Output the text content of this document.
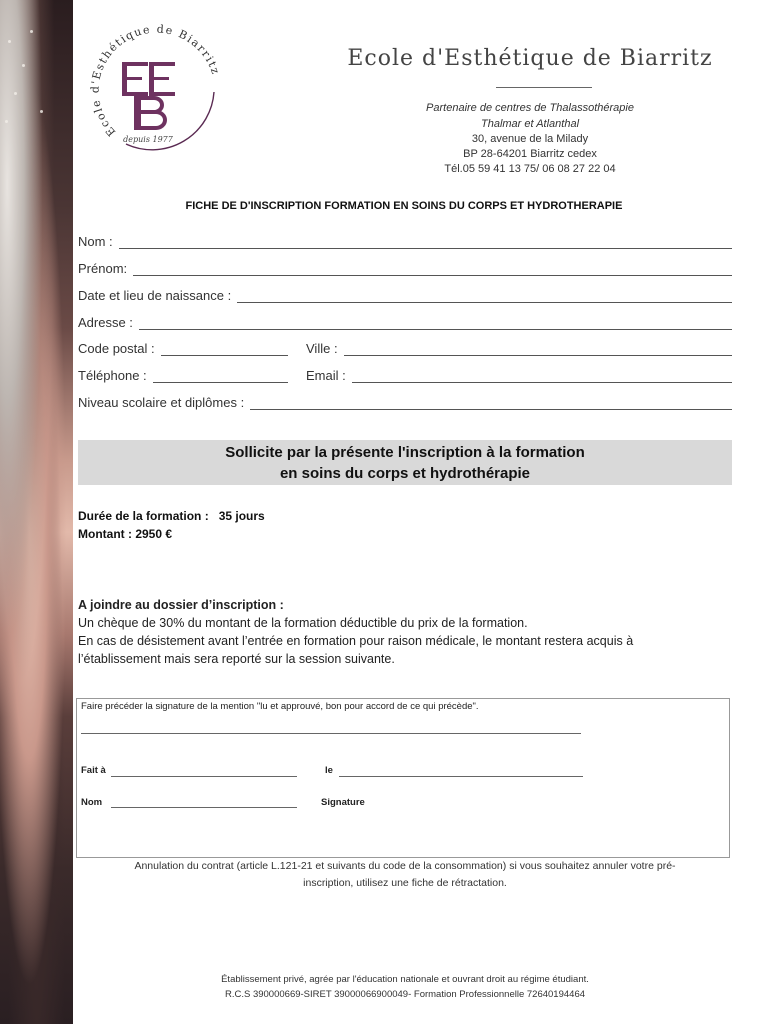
Ecole d'Esthétique de Biarritz
depuis 1977
Ecole d'Esthétique de Biarritz
Partenaire de centres de Thalassothérapie
Thalmar et Atlanthal
30, avenue de la Milady
BP 28-64201 Biarritz cedex
Tél.05 59 41 13 75/ 06 08 27 22 04
FICHE DE D'INSCRIPTION FORMATION EN SOINS DU CORPS ET HYDROTHERAPIE
Nom :
Prénom:
Date et lieu de naissance :
Adresse :
Code postal :	Ville :
Téléphone :	Email :
Niveau scolaire et diplômes :
Sollicite par la présente l'inscription à la formation
en soins du corps et hydrothérapie
Durée de la formation : 35 jours
Montant : 2950 €
A joindre au dossier d’inscription :
Un chèque de 30% du montant de la formation déductible du prix de la formation.
En cas de désistement avant l’entrée en formation pour raison médicale, le montant restera acquis à
l’établissement mais sera reporté sur la session suivante.
Faire précéder la signature de la mention "lu et approuvé, bon pour accord de ce qui précède".
Fait à	le
Nom	Signature
Annulation du contrat (article L.121-21 et suivants du code de la consommation) si vous souhaitez annuler votre pré-
inscription, utilisez une fiche de rétractation.
Établissement privé, agrée par l'éducation nationale et ouvrant droit au régime étudiant.
R.C.S 390000669-SIRET 39000066900049- Formation Professionnelle 72640194464
